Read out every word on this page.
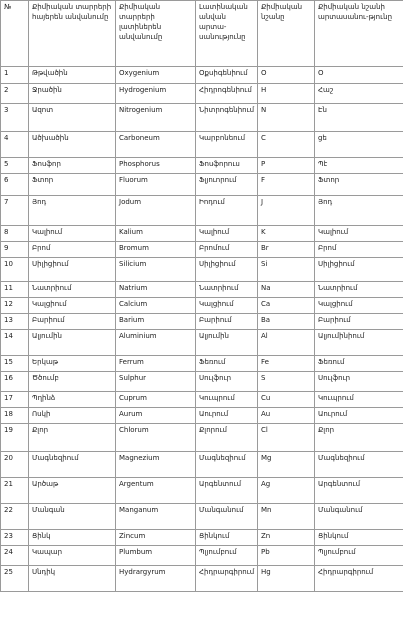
№	Քիմիական տարրերի հայերեն անվանումը	Քիմիական տարրերի լատիներեն անվանումը	Լատինական անվան արտա-սանությունը	Քիմիական նշանը	Քիմիական նշանի արտասանու-թյունը
1	Թթվածին	Oxygenium	Օքսիգենիում	O	Օ
2	Ջրածին	Hydrogenium	Հիդրոգենիում	H	Հաշ
3	Ազոտ	Nitrogenium	Նիտրոգենիում	N	Էն
4	Ածխածին	Carboneum	Կարբոնեում	C	ցե
5	Ֆոսֆոր	Phosphorus	Ֆոսֆորուս	P	Պէ
6	Ֆտոր	Fluorum	Ֆլյուորում	F	Ֆտոր
7	Յոդ	Jodum	Իոդում	J	Յոդ
8	Կալիում	Kalium	Կալիում	K	Կալիում
9	Բրոմ	Bromum	Բրոմում	Br	Բրոմ
10	Սիլիցիում	Silicium	Սիլիցիում	Si	Սիլիցիում
11	Նատրիում	Natrium	Նատրիում	Na	Նատրիում
12	Կալցիում	Calcium	Կալցիում	Ca	Կալցիում
13	Բարիում	Barium	Բարիում	Ba	Բարիում
14	Ալյումին	Aluminium	Ալյումին	Al	Ալյումինիում
15	Երկաթ	Ferrum	Ֆեռում	Fe	Ֆեռում
16	Ծծումբ	Sulphur	Սուլֆուր	S	Սուլֆուր
17	Պղինձ	Cuprum	Կուպրում	Cu	Կուպրում
18	Ոսկի	Aurum	Աուրում	Au	Աուրում
19	Քլոր	Chlorum	Քլորում	Cl	Քլոր
20	Մագնեզիում	Magnezium	Մագնեզիում	Mg	Մագնեզիում
21	Արծաթ	Argentum	Արգենտում	Ag	Արգենտում
22	Մանգան	Manganum	Մանգանում	Mn	Մանգանում
23	Ցինկ	Zincum	Ցինկում	Zn	Ցինկում
24	Կապար	Plumbum	Պլյումբում	Pb	Պլյումբում
25	Սնդիկ	Hydrargyrum	Հիդրարգիրում	Hg	Հիդրարգիրում
